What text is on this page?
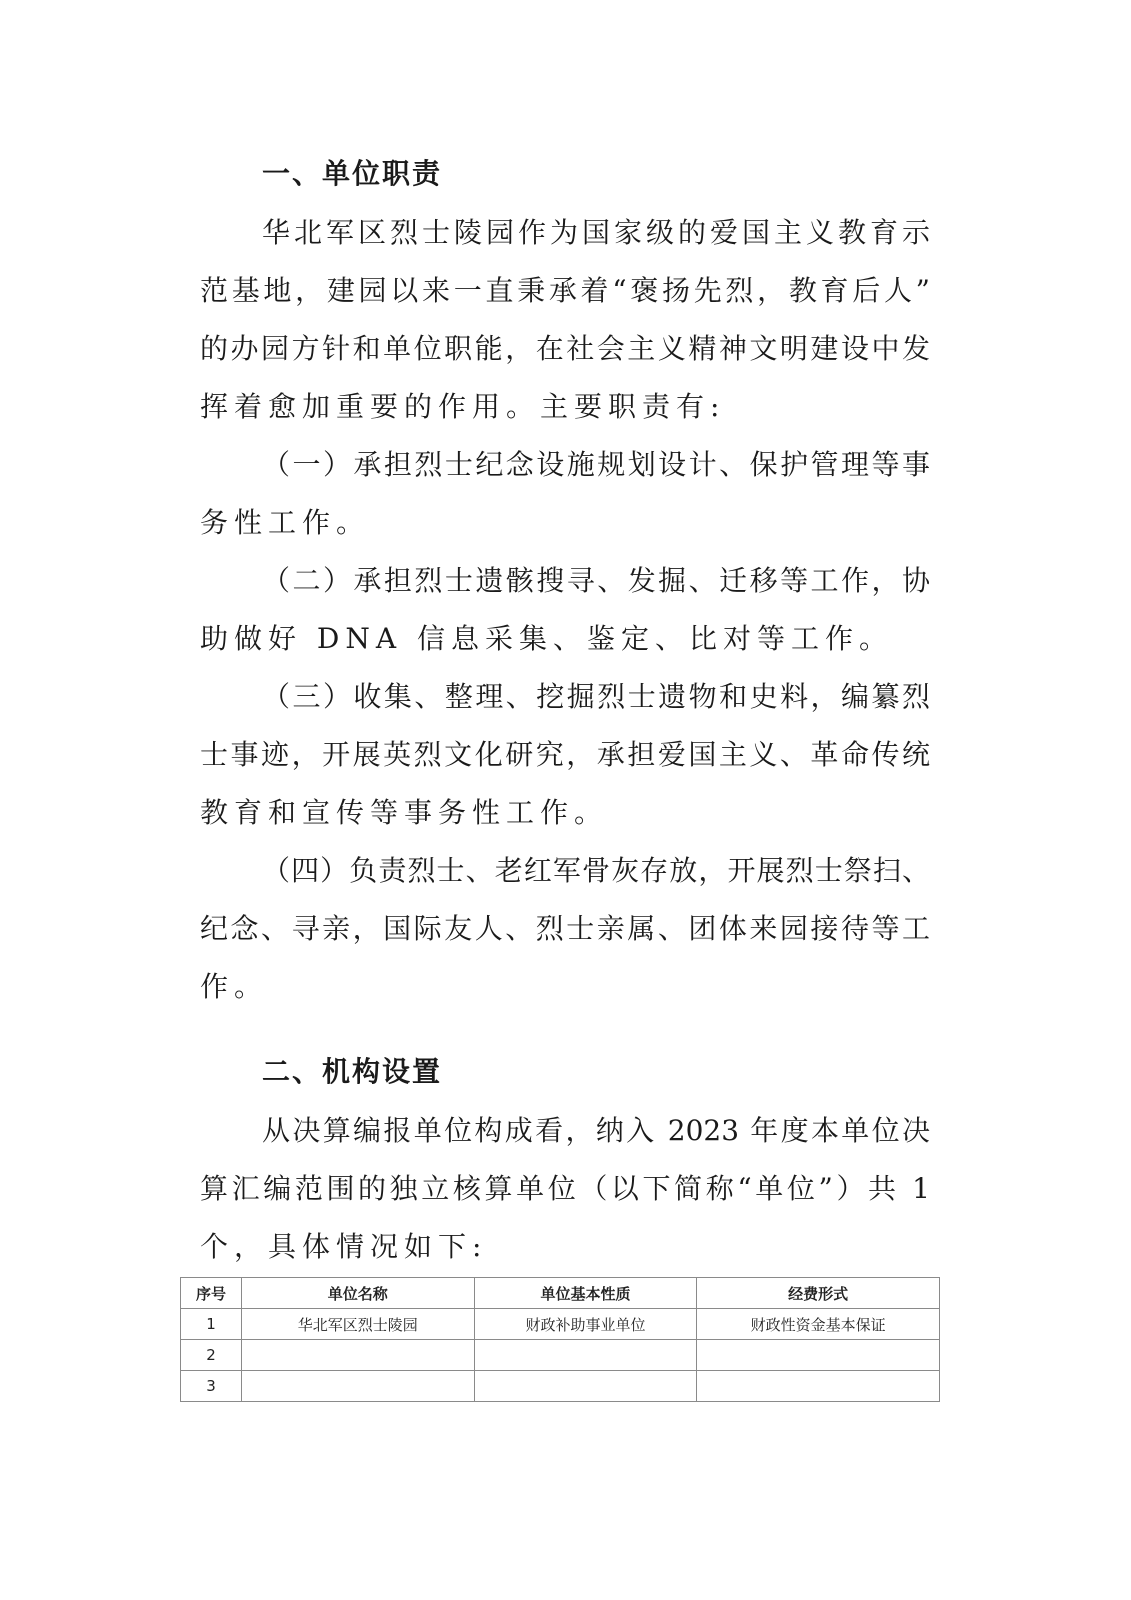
一、单位职责
华北军区烈士陵园作为国家级的爱国主义教育示
范基地，建园以来一直秉承着“褒扬先烈，教育后人”
的办园方针和单位职能，在社会主义精神文明建设中发
挥着愈加重要的作用。主要职责有:
（一）承担烈士纪念设施规划设计、保护管理等事
务性工作。
（二）承担烈士遗骸搜寻、发掘、迁移等工作，协
助做好 DNA 信息采集、鉴定、比对等工作。
（三）收集、整理、挖掘烈士遗物和史料，编纂烈
士事迹，开展英烈文化研究，承担爱国主义、革命传统
教育和宣传等事务性工作。
（四）负责烈士、老红军骨灰存放，开展烈士祭扫、
纪念、寻亲，国际友人、烈士亲属、团体来园接待等工
作。
二、机构设置
从决算编报单位构成看，纳入 2023 年度本单位决
算汇编范围的独立核算单位（以下简称“单位”）共 1
个，具体情况如下:
序号	单位名称	单位基本性质	经费形式
1	华北军区烈士陵园	财政补助事业单位	财政性资金基本保证
2			
3			
